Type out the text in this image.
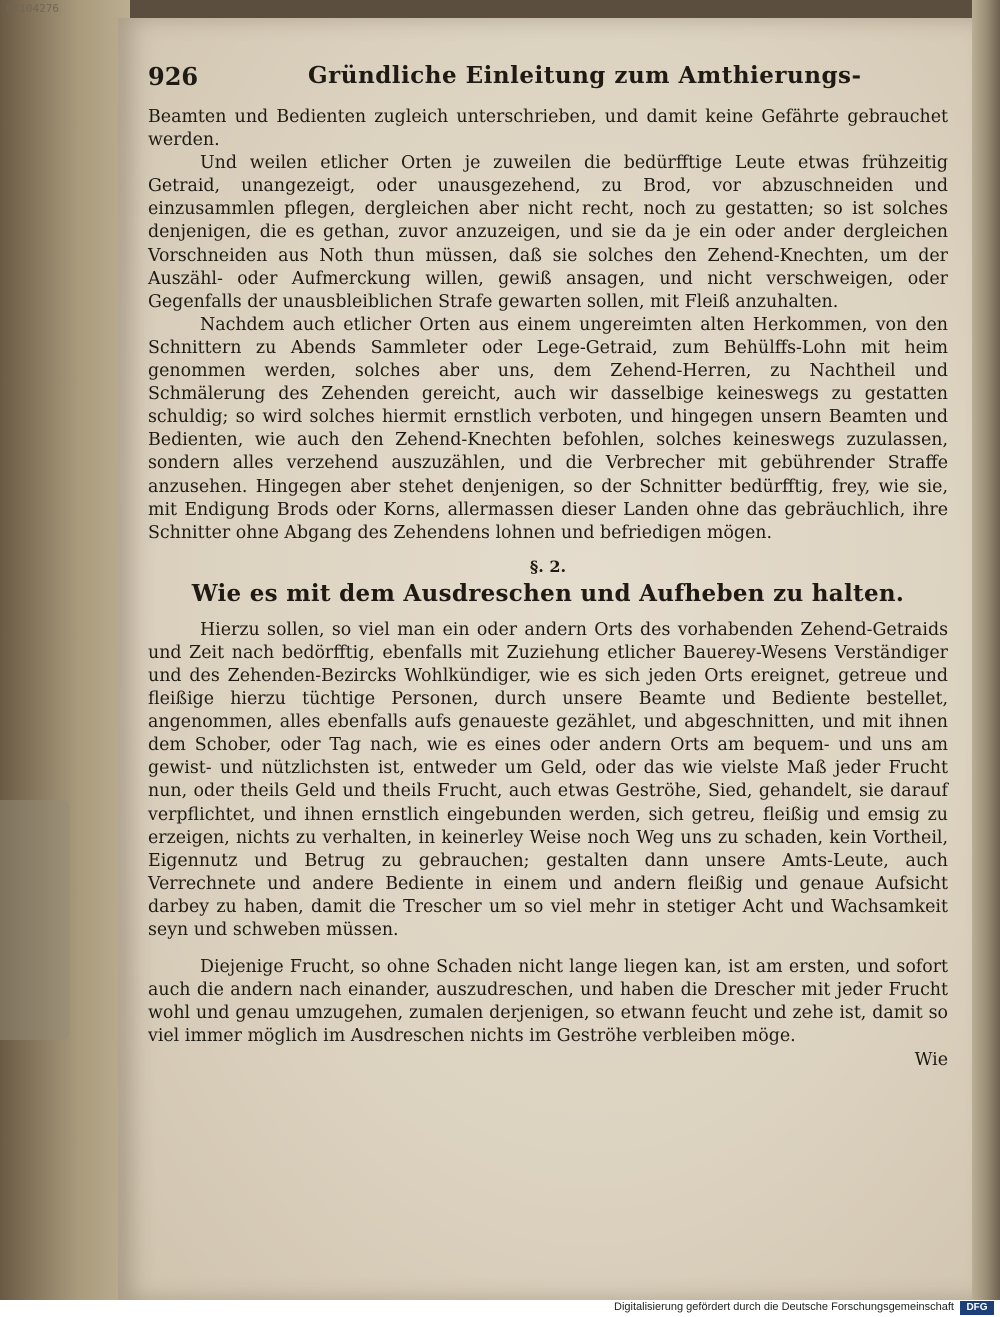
00104276
926	Gründliche Einleitung zum Amthierungs-

Beamten und Bedienten zugleich unterschrieben, und damit keine Gefährte gebrauchet werden.

Und weilen etlicher Orten je zuweilen die bedürfftige Leute etwas frühzeitig Getraid, unangezeigt, oder unausgezehend, zu Brod, vor abzuschneiden und einzusammlen pflegen, dergleichen aber nicht recht, noch zu gestatten; so ist solches denjenigen, die es gethan, zuvor anzuzeigen, und sie da je ein oder ander dergleichen Vorschneiden aus Noth thun müssen, daß sie solches den Zehend-Knechten, um der Auszähl- oder Aufmerckung willen, gewiß ansagen, und nicht verschweigen, oder Gegenfalls der unausbleiblichen Strafe gewarten sollen, mit Fleiß anzuhalten.

Nachdem auch etlicher Orten aus einem ungereimten alten Herkommen, von den Schnittern zu Abends Sammleter oder Lege-Getraid, zum Behülffs-Lohn mit heim genommen werden, solches aber uns, dem Zehend-Herren, zu Nachtheil und Schmälerung des Zehenden gereicht, auch wir dasselbige keineswegs zu gestatten schuldig; so wird solches hiermit ernstlich verboten, und hingegen unsern Beamten und Bedienten, wie auch den Zehend-Knechten befohlen, solches keineswegs zuzulassen, sondern alles verzehend auszuzählen, und die Verbrecher mit gebührender Straffe anzusehen. Hingegen aber stehet denjenigen, so der Schnitter bedürfftig, frey, wie sie, mit Endigung Brods oder Korns, allermassen dieser Landen ohne das gebräuchlich, ihre Schnitter ohne Abgang des Zehendens lohnen und befriedigen mögen.

§. 2.
Wie es mit dem Ausdreschen und Aufheben zu halten.

Hierzu sollen, so viel man ein oder andern Orts des vorhabenden Zehend-Getraids und Zeit nach bedörfftig, ebenfalls mit Zuziehung etlicher Bauerey-Wesens Verständiger und des Zehenden-Bezircks Wohlkündiger, wie es sich jeden Orts ereignet, getreue und fleißige hierzu tüchtige Personen, durch unsere Beamte und Bediente bestellet, angenommen, alles ebenfalls aufs genaueste gezählet, und abgeschnitten, und mit ihnen dem Schober, oder Tag nach, wie es eines oder andern Orts am bequem- und uns am gewist- und nützlichsten ist, entweder um Geld, oder das wie vielste Maß jeder Frucht nun, oder theils Geld und theils Frucht, auch etwas Geströhe, Sied, gehandelt, sie darauf verpflichtet, und ihnen ernstlich eingebunden werden, sich getreu, fleißig und emsig zu erzeigen, nichts zu verhalten, in keinerley Weise noch Weg uns zu schaden, kein Vortheil, Eigennutz und Betrug zu gebrauchen; gestalten dann unsere Amts-Leute, auch Verrechnete und andere Bediente in einem und andern fleißig und genaue Aufsicht darbey zu haben, damit die Trescher um so viel mehr in stetiger Acht und Wachsamkeit seyn und schweben müssen.

Diejenige Frucht, so ohne Schaden nicht lange liegen kan, ist am ersten, und sofort auch die andern nach einander, auszudreschen, und haben die Drescher mit jeder Frucht wohl und genau umzugehen, zumalen derjenigen, so etwann feucht und zehe ist, damit so viel immer möglich im Ausdreschen nichts im Geströhe verbleiben möge.

Wie
Digitalisierung gefördert durch die Deutsche Forschungsgemeinschaft	DFG
